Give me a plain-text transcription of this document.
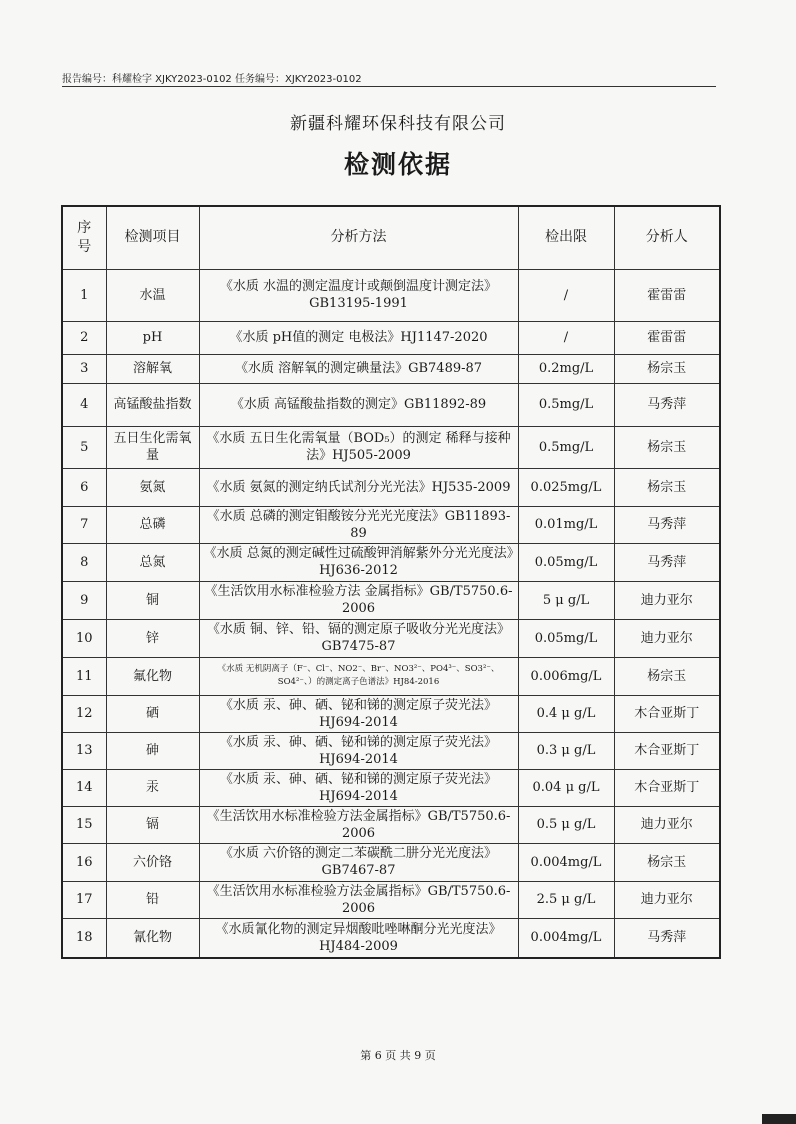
报告编号：科耀检字 XJKY2023-0102 任务编号：XJKY2023-0102
新疆科耀环保科技有限公司
检测依据
序号	检测项目	分析方法	检出限	分析人
1	水温	《水质 水温的测定温度计或颠倒温度计测定法》GB13195-1991	/	霍雷雷
2	pH	《水质 pH值的测定 电极法》HJ1147-2020	/	霍雷雷
3	溶解氧	《水质 溶解氧的测定碘量法》GB7489-87	0.2mg/L	杨宗玉
4	高锰酸盐指数	《水质 高锰酸盐指数的测定》GB11892-89	0.5mg/L	马秀萍
5	五日生化需氧量	《水质 五日生化需氧量（BOD₅）的测定 稀释与接种法》HJ505-2009	0.5mg/L	杨宗玉
6	氨氮	《水质 氨氮的测定纳氏试剂分光光法》HJ535-2009	0.025mg/L	杨宗玉
7	总磷	《水质 总磷的测定钼酸铵分光光光度法》GB11893-89	0.01mg/L	马秀萍
8	总氮	《水质 总氮的测定碱性过硫酸钾消解紫外分光光度法》HJ636-2012	0.05mg/L	马秀萍
9	铜	《生活饮用水标准检验方法 金属指标》GB/T5750.6-2006	5 μ g/L	迪力亚尔
10	锌	《水质 铜、锌、铅、镉的测定原子吸收分光光度法》GB7475-87	0.05mg/L	迪力亚尔
11	氟化物	《水质 无机阴离子（F⁻、Cl⁻、NO2⁻、Br⁻、NO3²⁻、PO4³⁻、SO3²⁻、SO4²⁻、）的测定离子色谱法》HJ84-2016	0.006mg/L	杨宗玉
12	硒	《水质 汞、砷、硒、铋和锑的测定原子荧光法》HJ694-2014	0.4 μ g/L	木合亚斯丁
13	砷	《水质 汞、砷、硒、铋和锑的测定原子荧光法》HJ694-2014	0.3 μ g/L	木合亚斯丁
14	汞	《水质 汞、砷、硒、铋和锑的测定原子荧光法》HJ694-2014	0.04 μ g/L	木合亚斯丁
15	镉	《生活饮用水标准检验方法金属指标》GB/T5750.6-2006	0.5 μ g/L	迪力亚尔
16	六价铬	《水质 六价铬的测定二苯碳酰二肼分光光度法》GB7467-87	0.004mg/L	杨宗玉
17	铅	《生活饮用水标准检验方法金属指标》GB/T5750.6-2006	2.5 μ g/L	迪力亚尔
18	氰化物	《水质氰化物的测定异烟酸吡唑啉酮分光光度法》HJ484-2009	0.004mg/L	马秀萍
第 6 页 共 9 页
